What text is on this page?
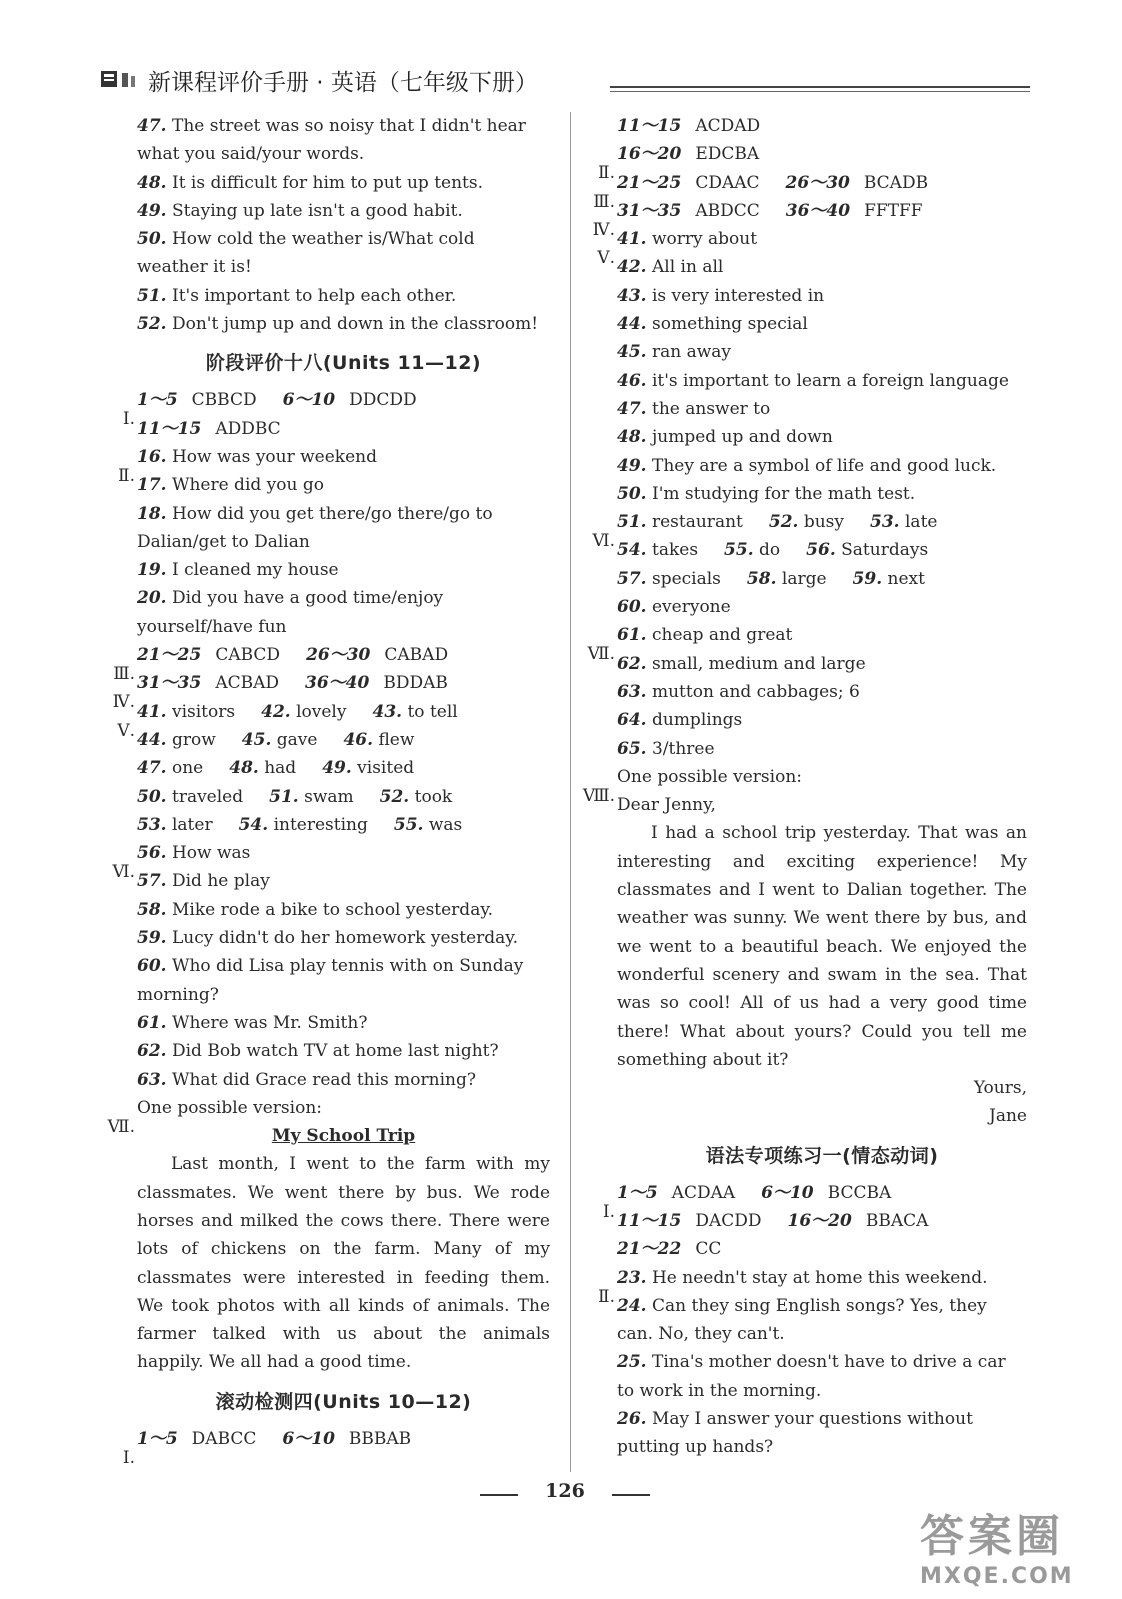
新课程评价手册 · 英语（七年级下册）
47. The street was so noisy that I didn't hear what you said/your words.
48. It is difficult for him to put up tents.
49. Staying up late isn't a good habit.
50. How cold the weather is/What cold weather it is!
51. It's important to help each other.
52. Don't jump up and down in the classroom!
阶段评价十八(Units 11—12)
Ⅰ.
1～5 CBBCD 6～10 DDCDD
11～15 ADDBC
Ⅱ.
16. How was your weekend
17. Where did you go
18. How did you get there/go there/go to Dalian/get to Dalian
19. I cleaned my house
20. Did you have a good time/enjoy yourself/have fun
Ⅲ.
21～25 CABCD 26～30 CABAD
Ⅳ.
31～35 ACBAD 36～40 BDDAB
Ⅴ.
41. visitors 42. lovely 43. to tell
44. grow 45. gave 46. flew
47. one 48. had 49. visited
50. traveled 51. swam 52. took
53. later 54. interesting 55. was
Ⅵ.
56. How was
57. Did he play
58. Mike rode a bike to school yesterday.
59. Lucy didn't do her homework yesterday.
60. Who did Lisa play tennis with on Sunday morning?
61. Where was Mr. Smith?
62. Did Bob watch TV at home last night?
63. What did Grace read this morning?
Ⅶ.
One possible version:
My School Trip

Last month, I went to the farm with my classmates. We went there by bus. We rode horses and milked the cows there. There were lots of chickens on the farm. Many of my classmates were interested in feeding them. We took photos with all kinds of animals. The farmer talked with us about the animals happily. We all had a good time.

滚动检测四(Units 10—12)
Ⅰ.
1～5 DABCC 6～10 BBBAB
11～15 ACDAD
Ⅱ.
16～20 EDCBA
Ⅲ.
21～25 CDAAC 26～30 BCADB
Ⅳ.
31～35 ABDCC 36～40 FFTFF
Ⅴ.
41. worry about
42. All in all
43. is very interested in
44. something special
45. ran away
46. it's important to learn a foreign language
47. the answer to
48. jumped up and down
49. They are a symbol of life and good luck.
50. I'm studying for the math test.
Ⅵ.
51. restaurant 52. busy 53. late
54. takes 55. do 56. Saturdays
57. specials 58. large 59. next
60. everyone
Ⅶ.
61. cheap and great
62. small, medium and large
63. mutton and cabbages; 6
64. dumplings
65. 3/three
Ⅷ.
One possible version:
Dear Jenny,

I had a school trip yesterday. That was an interesting and exciting experience! My classmates and I went to Dalian together. The weather was sunny. We went there by bus, and we went to a beautiful beach. We enjoyed the wonderful scenery and swam in the sea. That was so cool! All of us had a very good time there! What about yours? Could you tell me something about it?

Yours,
Jane
语法专项练习一(情态动词)
Ⅰ.
1～5 ACDAA 6～10 BCCBA
11～15 DACDD 16～20 BBACA
21～22 CC
Ⅱ.
23. He needn't stay at home this weekend.
24. Can they sing English songs? Yes, they can. No, they can't.
25. Tina's mother doesn't have to drive a car to work in the morning.
26. May I answer your questions without putting up hands?
126
答案圈
MXQE.COM
